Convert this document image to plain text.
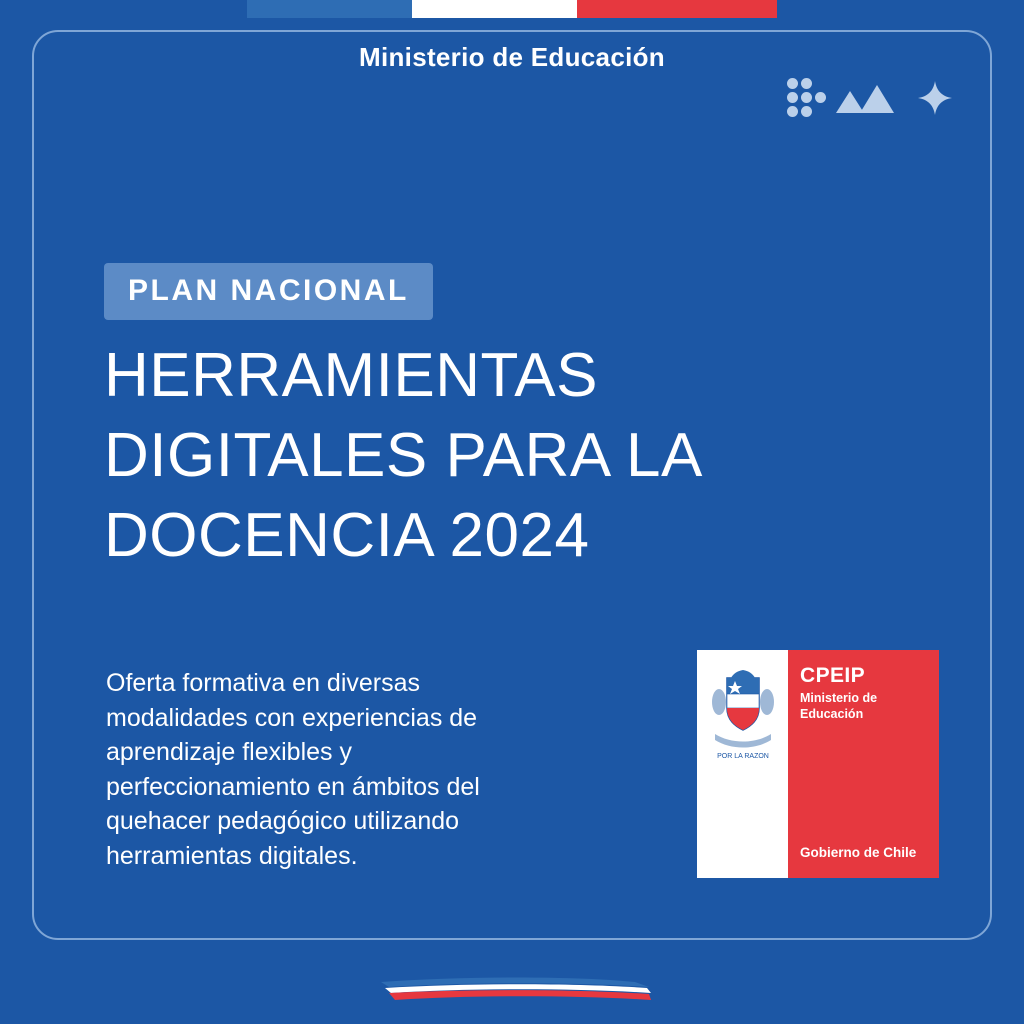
Ministerio de Educación
PLAN NACIONAL
HERRAMIENTAS
DIGITALES PARA LA
DOCENCIA 2024
Oferta formativa en diversas
modalidades con experiencias de
aprendizaje flexibles y
perfeccionamiento en ámbitos del
quehacer pedagógico utilizando
herramientas digitales.
POR LA RAZON
CPEIP
Ministerio de
Educación
Gobierno de Chile
